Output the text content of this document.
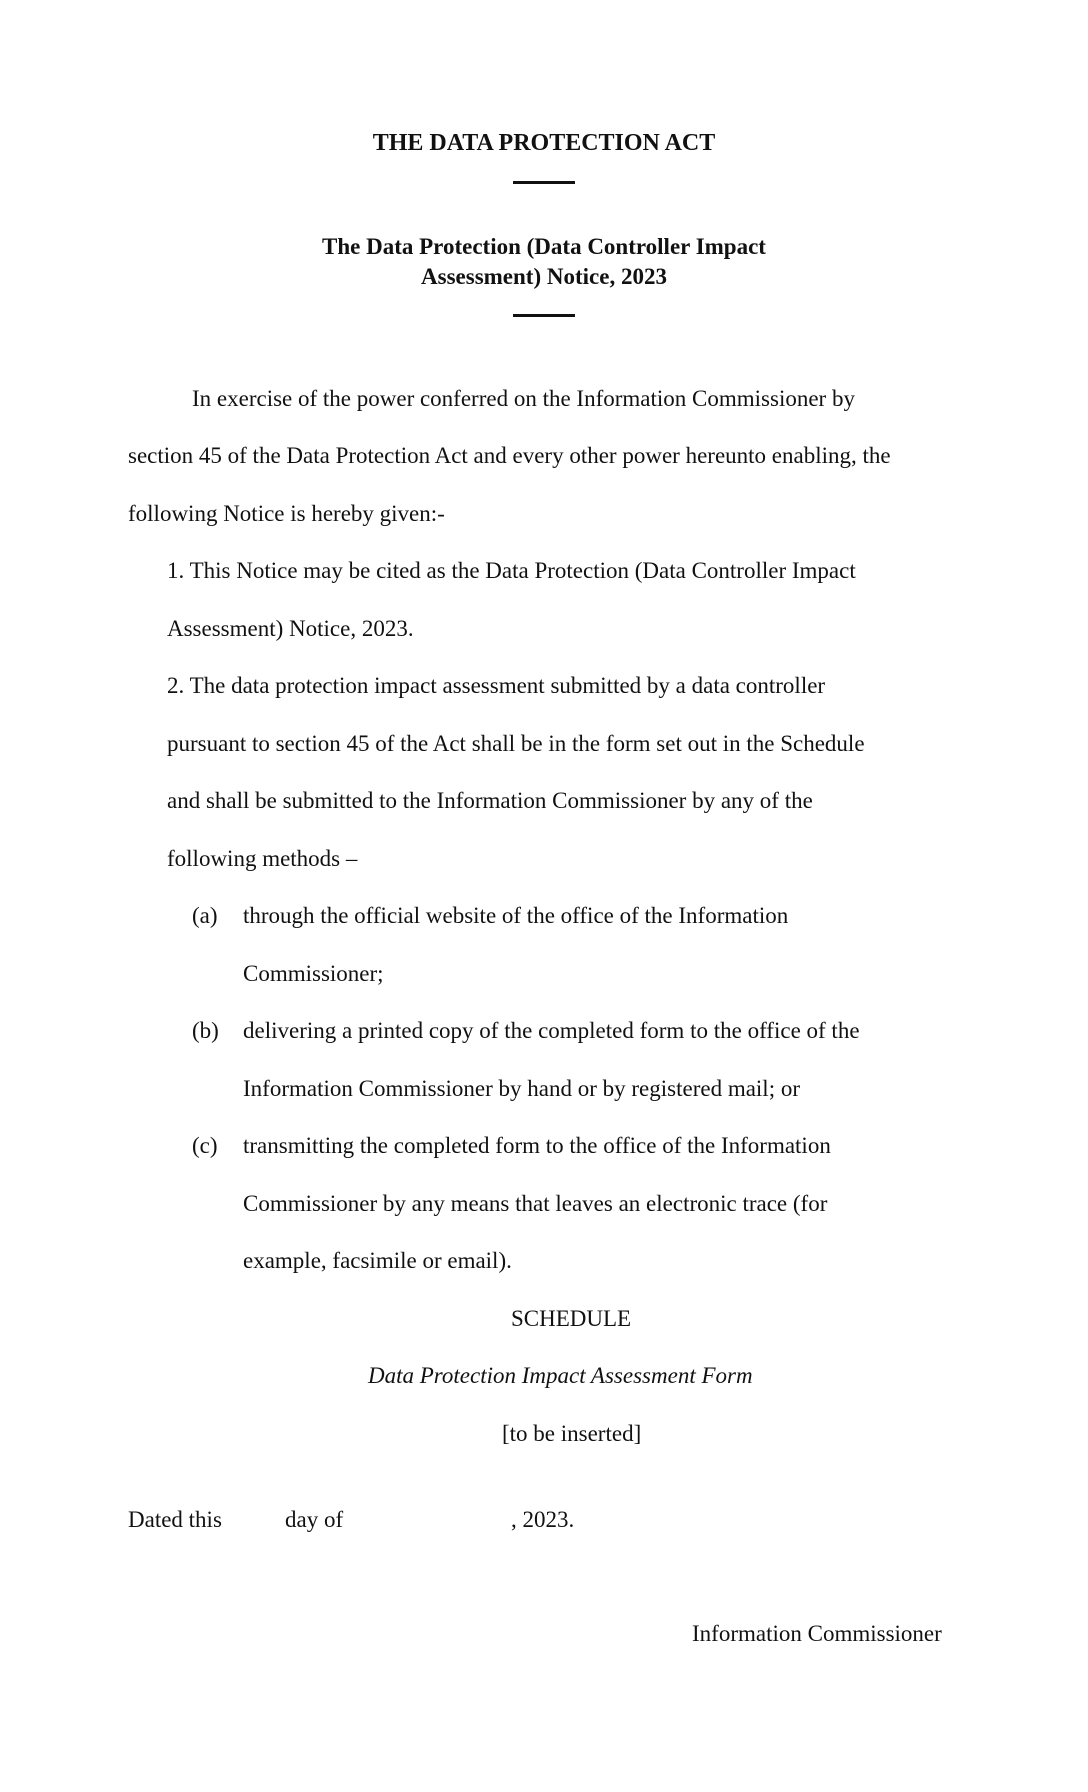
THE DATA PROTECTION ACT

The Data Protection (Data Controller Impact

Assessment) Notice, 2023

In exercise of the power conferred on the Information Commissioner by

section 45 of the Data Protection Act and every other power hereunto enabling, the

following Notice is hereby given:-

1. This Notice may be cited as the Data Protection (Data Controller Impact

Assessment) Notice, 2023.

2. The data protection impact assessment submitted by a data controller

pursuant to section 45 of the Act shall be in the form set out in the Schedule

and shall be submitted to the Information Commissioner by any of the

following methods –

(a)	through the official website of the office of the Information

Commissioner;

(b)	delivering a printed copy of the completed form to the office of the

Information Commissioner by hand or by registered mail; or

(c)	transmitting the completed form to the office of the Information

Commissioner by any means that leaves an electronic trace (for

example, facsimile or email).

SCHEDULE

Data Protection Impact Assessment Form

[to be inserted]

Dated this	day of	, 2023.

Information Commissioner
